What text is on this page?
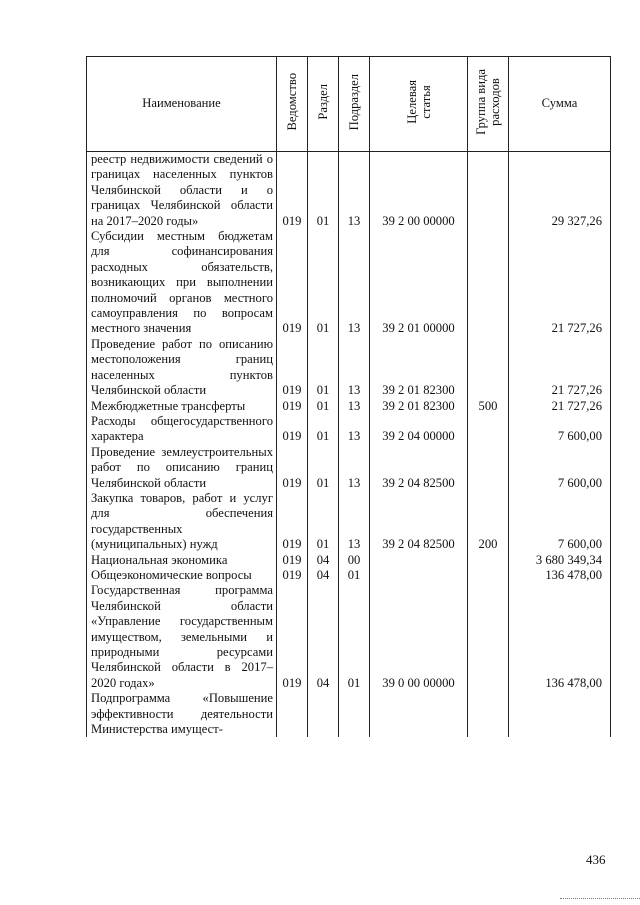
Наименование	Ведомство	Раздел	Подраздел	Целевая
статья	Группа вида
расходов	Сумма
реестр недвижимости сведений о границах населенных пунктов Челябинской области и о границах Челябинской области на 2017–2020 годы»	019	01	13	39 2 00 00000		29 327,26
Субсидии местным бюджетам для софинансирования расходных обязательств, возникающих при выполнении полномочий органов местного самоуправления по вопросам местного значения	019	01	13	39 2 01 00000		21 727,26
Проведение работ по описанию местоположения границ населенных пунктов Челябинской области	019	01	13	39 2 01 82300		21 727,26
Межбюджетные трансферты	019	01	13	39 2 01 82300	500	21 727,26
Расходы общегосударственного характера	019	01	13	39 2 04 00000		7 600,00
Проведение землеустроительных работ по описанию границ Челябинской области	019	01	13	39 2 04 82500		7 600,00
Закупка товаров, работ и услуг для обеспечения государственных (муниципальных) нужд	019	01	13	39 2 04 82500	200	7 600,00
Национальная экономика	019	04	00			3 680 349,34
Общеэкономические вопросы	019	04	01			136 478,00
Государственная программа Челябинской области «Управление государственным имуществом, земельными и природными ресурсами Челябинской области в 2017–2020 годах»	019	04	01	39 0 00 00000		136 478,00
Подпрограмма «Повышение эффективности деятельности Министерства имущест-						
436
